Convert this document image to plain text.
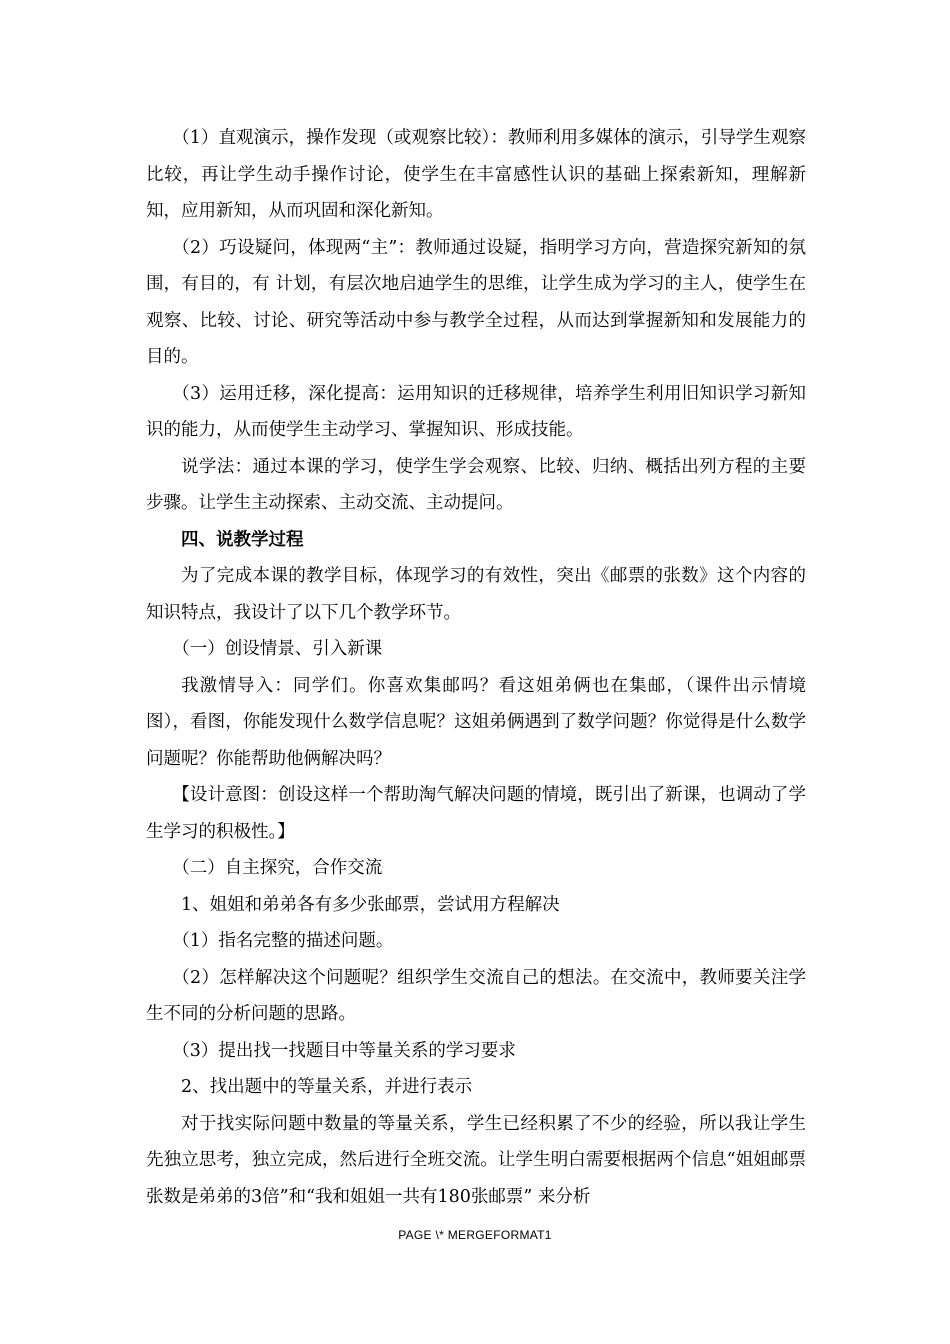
（1）直观演示，操作发现（或观察比较）：教师利用多媒体的演示，引导学生观察比较，再让学生动手操作讨论，使学生在丰富感性认识的基础上探索新知，理解新知，应用新知，从而巩固和深化新知。

（2）巧设疑问，体现两“主”：教师通过设疑，指明学习方向，营造探究新知的氛围，有目的，有 计划，有层次地启迪学生的思维，让学生成为学习的主人，使学生在观察、比较、讨论、研究等活动中参与教学全过程，从而达到掌握新知和发展能力的目的。

（3）运用迁移，深化提高：运用知识的迁移规律，培养学生利用旧知识学习新知识的能力，从而使学生主动学习、掌握知识、形成技能。

说学法：通过本课的学习，使学生学会观察、比较、归纳、概括出列方程的主要步骤。让学生主动探索、主动交流、主动提问。

四、说教学过程

为了完成本课的教学目标，体现学习的有效性，突出《邮票的张数》这个内容的知识特点，我设计了以下几个教学环节。

（一）创设情景、引入新课

我激情导入：同学们。你喜欢集邮吗？看这姐弟俩也在集邮，（课件出示情境图），看图，你能发现什么数学信息呢？这姐弟俩遇到了数学问题？你觉得是什么数学问题呢？你能帮助他俩解决吗？

【设计意图：创设这样一个帮助淘气解决问题的情境，既引出了新课，也调动了学生学习的积极性。】

（二）自主探究，合作交流

1、姐姐和弟弟各有多少张邮票，尝试用方程解决

（1）指名完整的描述问题。

（2）怎样解决这个问题呢？组织学生交流自己的想法。在交流中，教师要关注学生不同的分析问题的思路。

（3）提出找一找题目中等量关系的学习要求

2、找出题中的等量关系，并进行表示

对于找实际问题中数量的等量关系，学生已经积累了不少的经验，所以我让学生先独立思考，独立完成，然后进行全班交流。让学生明白需要根据两个信息“姐姐邮票张数是弟弟的3倍”和“我和姐姐一共有180张邮票” 来分析

PAGE \* MERGEFORMAT1
